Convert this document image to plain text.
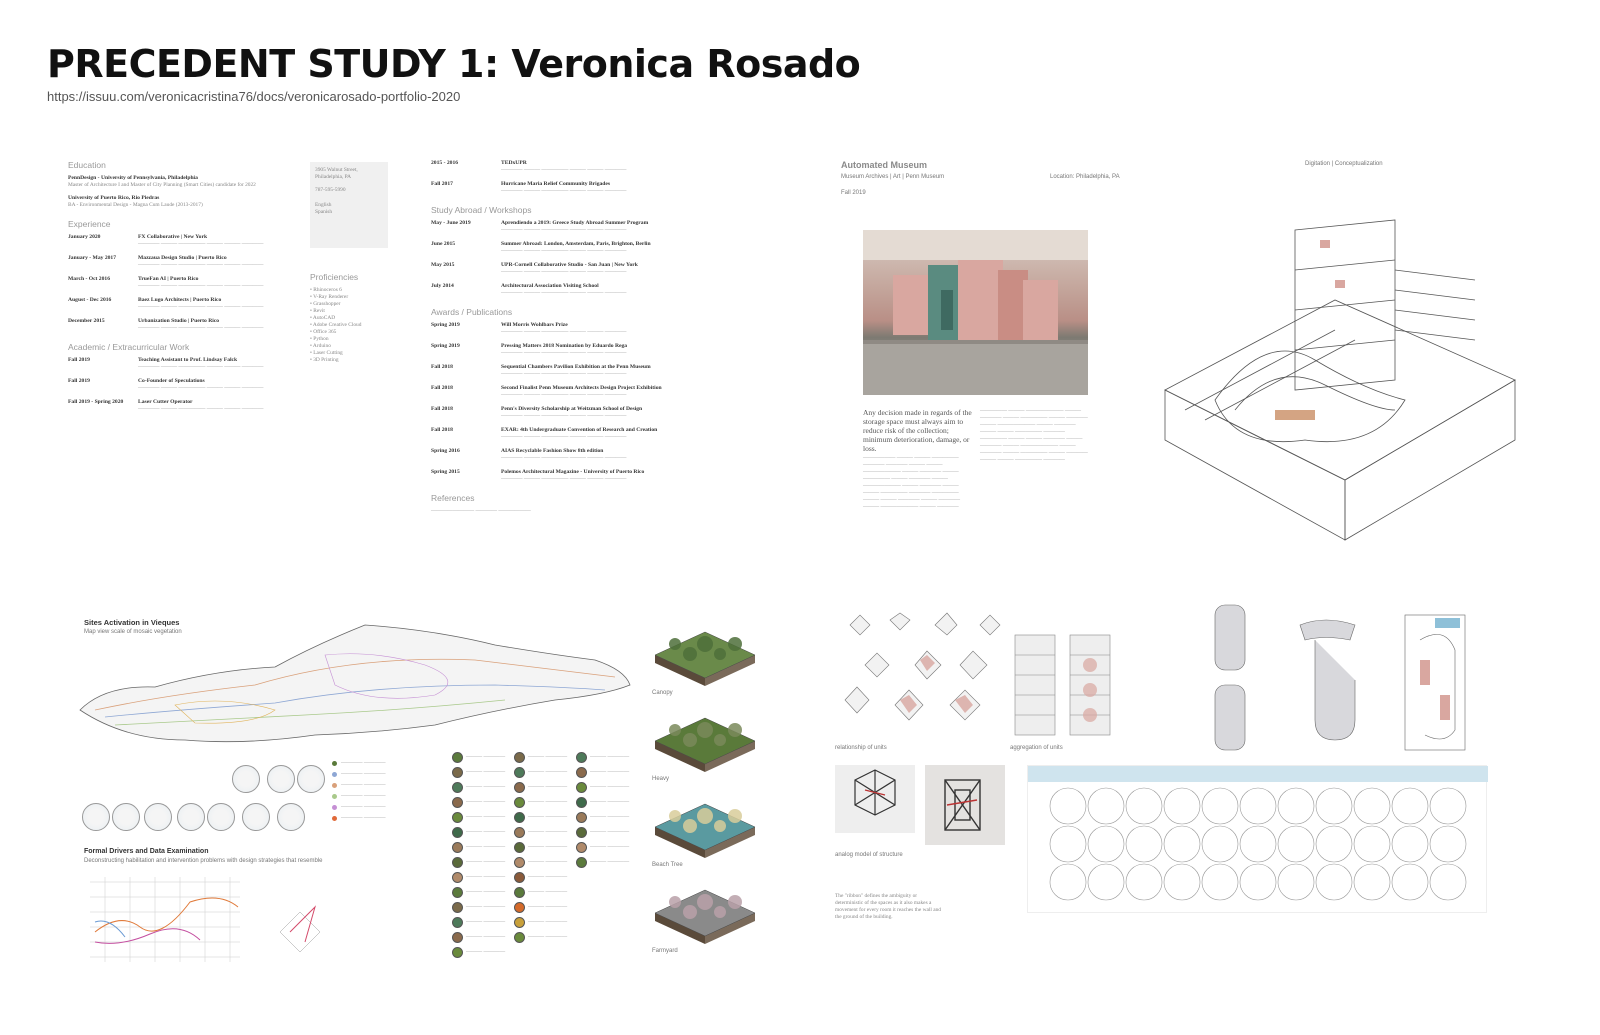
PRECEDENT STUDY 1: Veronica Rosado
https://issuu.com/veronicacristina76/docs/veronicarosado-portfolio-2020
Education
PennDesign - University of Pennsylvania, Philadelphia
Master of Architecture I and Master of City Planning (Smart Cities) candidate for 2022
University of Puerto Rico, Rio Piedras
BA - Environmental Design - Magna Cum Laude (2013-2017)
Experience
January 2020	FX Collaborative | New York
———— ——— ————— ——— ——— ————
January - May 2017	Mazzaua Design Studio | Puerto Rico
———— ——— ————— ——— ——— ————
March - Oct 2016	TrueFan AI | Puerto Rico
———— ——— ————— ——— ——— ————
August - Dec 2016	Baez Lugo Architects | Puerto Rico
———— ——— ————— ——— ——— ————
December 2015	Urbanization Studio | Puerto Rico
———— ——— ————— ——— ——— ————
Academic / Extracurricular Work
Fall 2019	Teaching Assistant to Prof. Lindsay Falck
———— ——— ————— ——— ——— ————
Fall 2019	Co-Founder of Speculations
———— ——— ————— ——— ——— ————
Fall 2019 - Spring 2020	Laser Cutter Operator
———— ——— ————— ——— ——— ————
3905 Walnut Street,
Philadelphia, PA
787-595-5990
English
Spanish
Proficiencies
• Rhinoceros 6
• V-Ray Renderer
• Grasshopper
• Revit
• AutoCAD
• Adobe Creative Cloud
• Office 365
• Python
• Arduino
• Laser Cutting
• 3D Printing
2015 - 2016	TEDxUPR
———— ——— ————— ——— ——— ————
Fall 2017	Hurricane Maria Relief Community Brigades
———— ——— ————— ——— ——— ————
Study Abroad / Workshops
May - June 2019	Aprendiendo a 2019: Greece Study Abroad Summer Program
———— ——— ————— ——— ——— ————
June 2015	Summer Abroad: London, Amsterdam, Paris, Brighton, Berlin
———— ——— ————— ——— ——— ————
May 2015	UPR-Cornell Collaborative Studio - San Juan | New York
———— ——— ————— ——— ——— ————
July 2014	Architectural Association Visiting School
———— ——— ————— ——— ——— ————
Awards / Publications
Spring 2019	Will Morris Wohlbars Prize
———— ——— ————— ——— ——— ————
Spring 2019	Pressing Matters 2018 Nomination by Eduardo Rega
———— ——— ————— ——— ——— ————
Fall 2018	Sequential Chambers Pavilion Exhibition at the Penn Museum
———— ——— ————— ——— ——— ————
Fall 2018	Second Finalist Penn Museum Architects Design Project Exhibition
———— ——— ————— ——— ——— ————
Fall 2018	Penn's Diversity Scholarship at Weitzman School of Design
———— ——— ————— ——— ——— ————
Fall 2018	EXAR: 4th Undergraduate Convention of Research and Creation
———— ——— ————— ——— ——— ————
Spring 2016	AIAS Recyclable Fashion Show 8th edition
———— ——— ————— ——— ——— ————
Spring 2015	Polemos Architectural Magazine - University of Puerto Rico
———— ——— ————— ——— ——— ————
References
———————— ———— ——————
Automated Museum
Museum Archives | Art | Penn Museum
Fall 2019
Location: Philadelphia, PA
Digitation | Conceptualization
Any decision made in regards of the storage space must always aim to reduce risk of the collection; minimum deterioration, damage, or loss.
—————— ——— ——— ————— ———— ———— ——— ——— ——————— ——— ———— ——— ————— ——— ———— ——— ——————— ——— ———— ——— ——— ————— ———— ————— ——— ——— ———— ——— ———— ——— ——————— ——— ————
————— ——— ——————— ——— ———— ——— ————— ——— ———— ——— ——————— ——— ———— ——— ——— ————— ———— ————— ——— ——— ———— ——— ———— ——— ——————— ——— ———— ——— ————— ——— ———— ——— ——— ————— ————
Sites Activation in Vieques
Map view scale of mosaic vegetation
———— ————
———— ————
———— ————
———— ————
———— ————
———— ————
Formal Drivers and Data Examination
Deconstructing habilitation and intervention problems with design strategies that resemble
——— ————
——— ————
——— ————
——— ————
——— ————
——— ————
——— ————
——— ————
——— ————
——— ————
——— ————
——— ————
——— ————
——— ————
——— ————
——— ————
——— ————
——— ————
——— ————
——— ————
——— ————
——— ————
——— ————
——— ————
——— ————
——— ————
——— ————
——— ————
——— ————
——— ————
——— ————
——— ————
——— ————
——— ————
——— ————
Canopy
Heavy
Beach Tree
Farmyard
relationship of units	aggregation of units
analog model of structure
The "ribbon" defines the ambiguity or deterministic of the spaces as it also makes a movement for every room it reaches the wall and the ground of the building.
